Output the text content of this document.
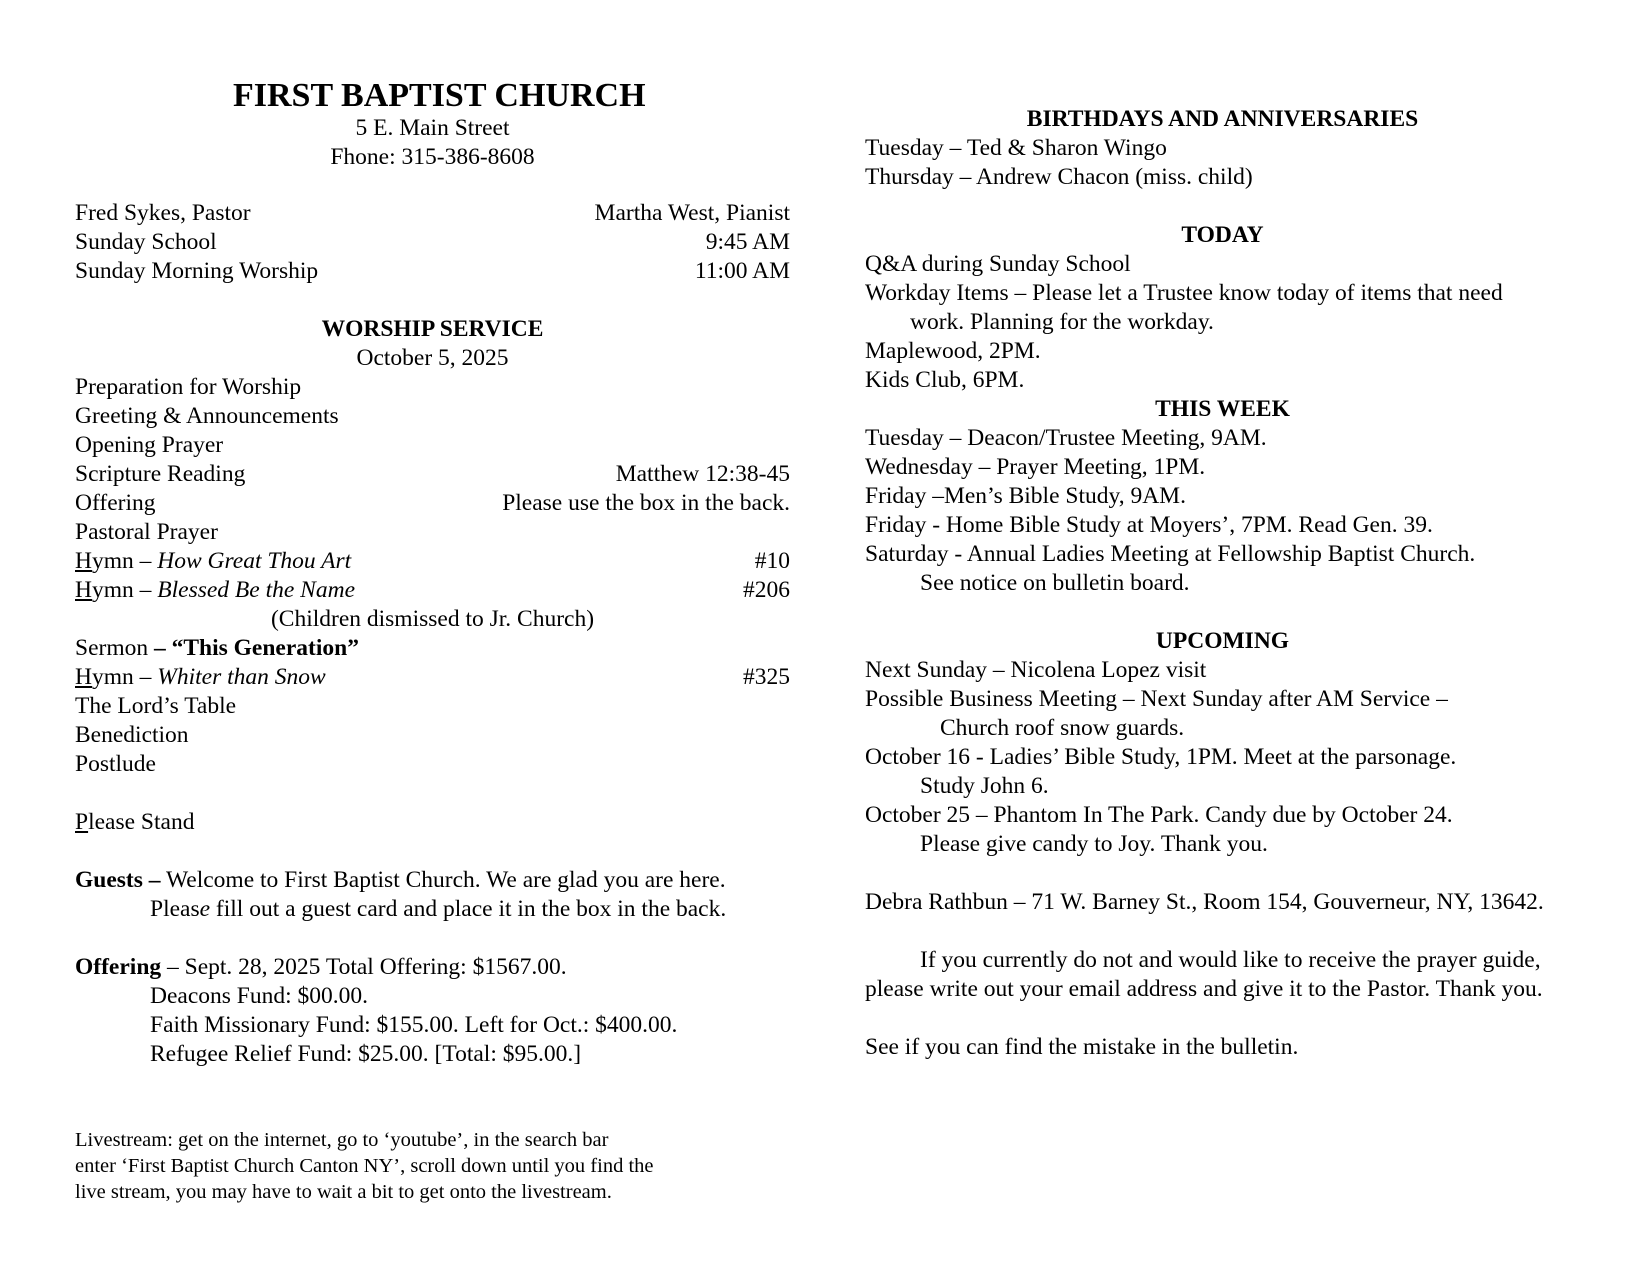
FIRST BAPTIST CHURCH
5 E. Main Street
Fhone: 315-386-8608
Fred Sykes, Pastor	Martha West, Pianist
Sunday School	9:45 AM
Sunday Morning Worship	11:00 AM
WORSHIP SERVICE
October 5, 2025
Preparation for Worship
Greeting & Announcements
Opening Prayer
Scripture Reading	Matthew 12:38-45
Offering	Please use the box in the back.
Pastoral Prayer
Hymn – How Great Thou Art	#10
Hymn – Blessed Be the Name	#206
(Children dismissed to Jr. Church)
Sermon – “This Generation”
Hymn – Whiter than Snow	#325
The Lord’s Table
Benediction
Postlude
Please Stand
Guests – Welcome to First Baptist Church. We are glad you are here.
Please fill out a guest card and place it in the box in the back.
Offering – Sept. 28, 2025 Total Offering: $1567.00.
Deacons Fund: $00.00.
Faith Missionary Fund: $155.00. Left for Oct.: $400.00.
Refugee Relief Fund: $25.00. [Total: $95.00.]
Livestream: get on the internet, go to ‘youtube’, in the search bar
enter ‘First Baptist Church Canton NY’, scroll down until you find the
live stream, you may have to wait a bit to get onto the livestream.
BIRTHDAYS AND ANNIVERSARIES
Tuesday – Ted & Sharon Wingo
Thursday – Andrew Chacon (miss. child)
TODAY
Q&A during Sunday School
Workday Items – Please let a Trustee know today of items that need
work. Planning for the workday.
Maplewood, 2PM.
Kids Club, 6PM.
THIS WEEK
Tuesday – Deacon/Trustee Meeting, 9AM.
Wednesday – Prayer Meeting, 1PM.
Friday –Men’s Bible Study, 9AM.
Friday - Home Bible Study at Moyers’, 7PM. Read Gen. 39.
Saturday - Annual Ladies Meeting at Fellowship Baptist Church.
See notice on bulletin board.
UPCOMING
Next Sunday – Nicolena Lopez visit
Possible Business Meeting – Next Sunday after AM Service –
Church roof snow guards.
October 16 - Ladies’ Bible Study, 1PM. Meet at the parsonage.
Study John 6.
October 25 – Phantom In The Park. Candy due by October 24.
Please give candy to Joy. Thank you.
Debra Rathbun – 71 W. Barney St., Room 154, Gouverneur, NY, 13642.
If you currently do not and would like to receive the prayer guide,
please write out your email address and give it to the Pastor. Thank you.
See if you can find the mistake in the bulletin.
